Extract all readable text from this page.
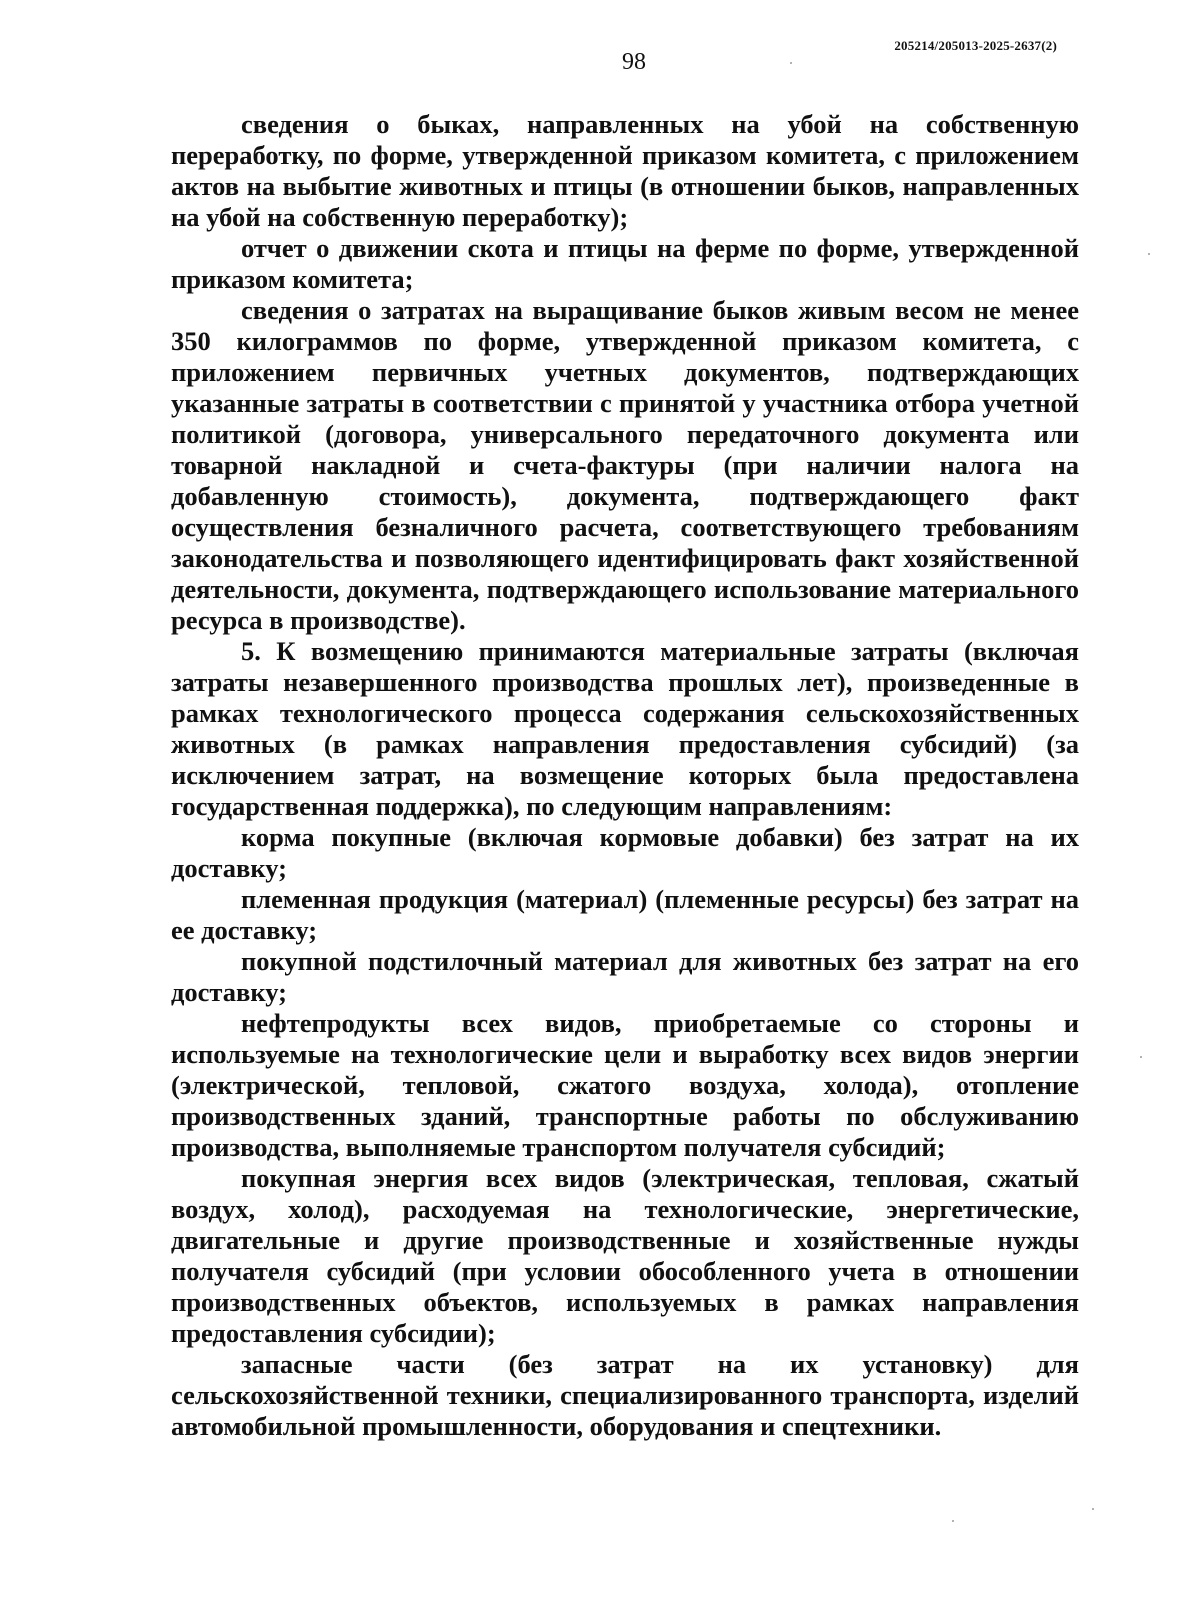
98
205214/205013-2025-2637(2)

сведения о быках, направленных на убой на собственную переработку, по форме, утвержденной приказом комитета, с приложением актов на выбытие животных и птицы (в отношении быков, направленных на убой на собственную переработку);

отчет о движении скота и птицы на ферме по форме, утвержденной приказом комитета;

сведения о затратах на выращивание быков живым весом не менее 350 килограммов по форме, утвержденной приказом комитета, с приложением первичных учетных документов, подтверждающих указанные затраты в соответствии с принятой у участника отбора учетной политикой (договора, универсального передаточного документа или товарной накладной и счета-фактуры (при наличии налога на добавленную стоимость), документа, подтверждающего факт осуществления безналичного расчета, соответствующего требованиям законодательства и позволяющего идентифицировать факт хозяйственной деятельности, документа, подтверждающего использование материального ресурса в производстве).

5. К возмещению принимаются материальные затраты (включая затраты незавершенного производства прошлых лет), произведенные в рамках технологического процесса содержания сельскохозяйственных животных (в рамках направления предоставления субсидий) (за исключением затрат, на возмещение которых была предоставлена государственная поддержка), по следующим направлениям:

корма покупные (включая кормовые добавки) без затрат на их доставку;

племенная продукция (материал) (племенные ресурсы) без затрат на ее доставку;

покупной подстилочный материал для животных без затрат на его доставку;

нефтепродукты всех видов, приобретаемые со стороны и используемые на технологические цели и выработку всех видов энергии (электрической, тепловой, сжатого воздуха, холода), отопление производственных зданий, транспортные работы по обслуживанию производства, выполняемые транспортом получателя субсидий;

покупная энергия всех видов (электрическая, тепловая, сжатый воздух, холод), расходуемая на технологические, энергетические, двигательные и другие производственные и хозяйственные нужды получателя субсидий (при условии обособленного учета в отношении производственных объектов, используемых в рамках направления предоставления субсидии);

запасные части (без затрат на их установку) для сельскохозяйственной техники, специализированного транспорта, изделий автомобильной промышленности, оборудования и спецтехники.
